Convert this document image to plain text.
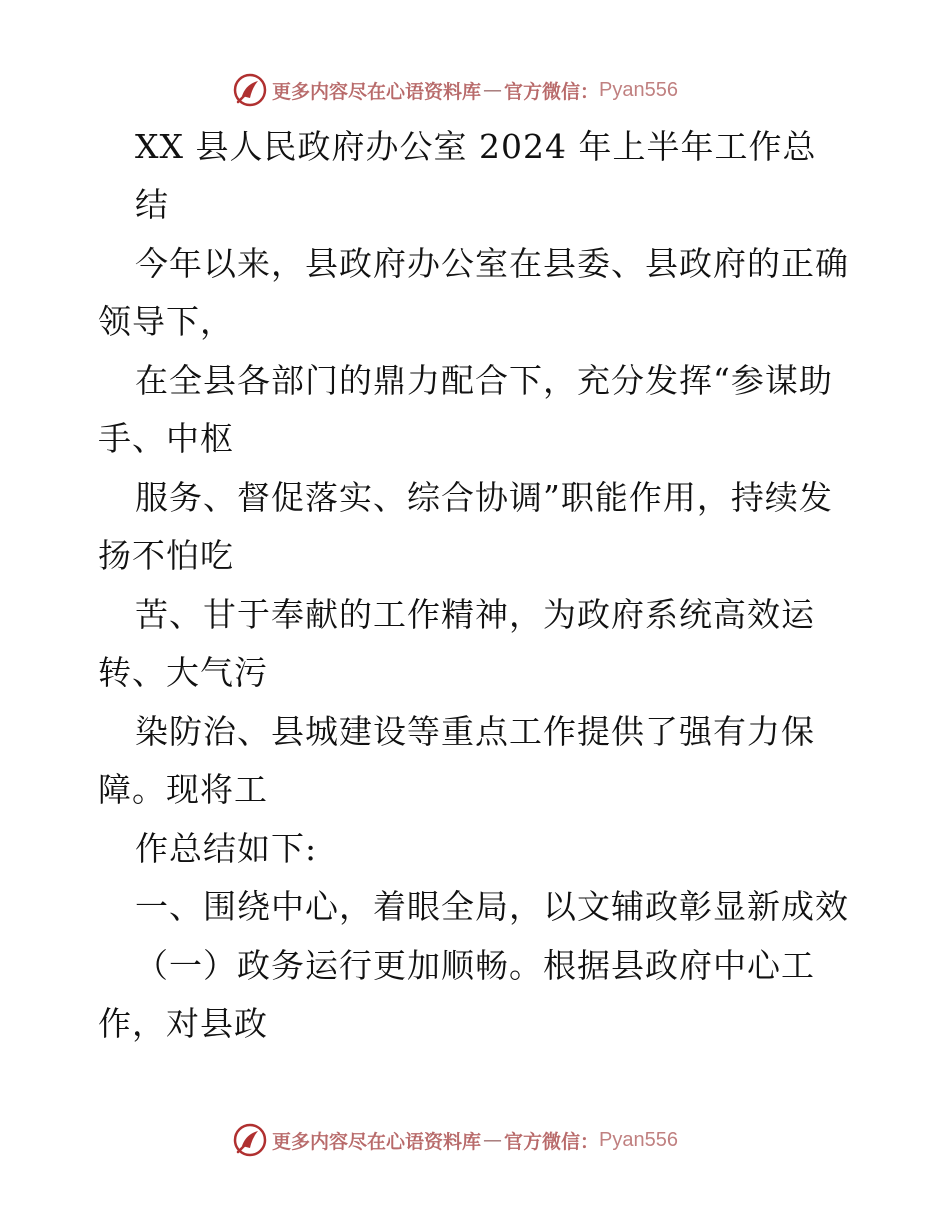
更多内容尽在心语资料库 — 官方微信： Pyan556
XX 县人民政府办公室 2024 年上半年工作总
结
今年以来，县政府办公室在县委、县政府的正确
领导下，
在全县各部门的鼎力配合下，充分发挥“参谋助
手、中枢
服务、督促落实、综合协调”职能作用，持续发
扬不怕吃
苦、甘于奉献的工作精神，为政府系统高效运
转、大气污
染防治、县城建设等重点工作提供了强有力保
障。现将工
作总结如下:
一、围绕中心，着眼全局，以文辅政彰显新成效
（一）政务运行更加顺畅。根据县政府中心工
作，对县政
更多内容尽在心语资料库 — 官方微信： Pyan556
